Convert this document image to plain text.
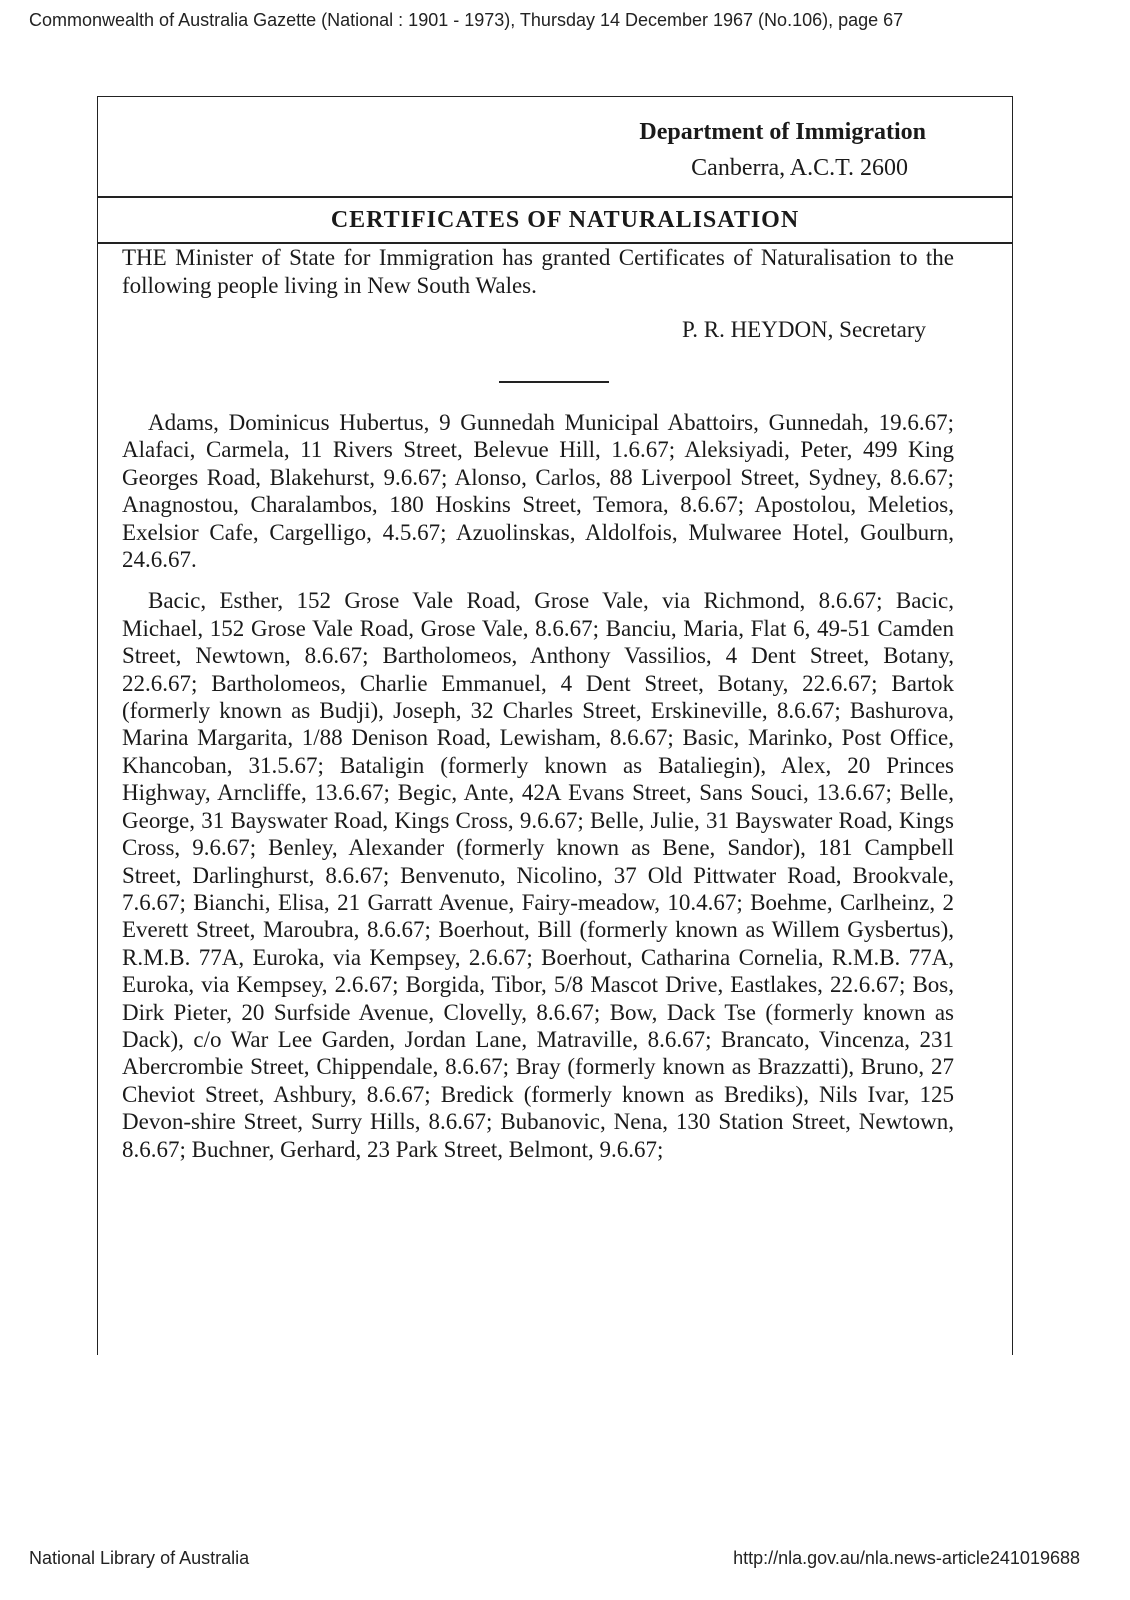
Commonwealth of Australia Gazette (National : 1901 - 1973), Thursday 14 December 1967 (No.106), page 67
Department of Immigration
Canberra, A.C.T. 2600
CERTIFICATES OF NATURALISATION

THE Minister of State for Immigration has granted Certificates of Naturalisation to the following people living in New South Wales.

P. R. HEYDON, Secretary

Adams, Dominicus Hubertus, 9 Gunnedah Municipal Abattoirs, Gunnedah, 19.6.67; Alafaci, Carmela, 11 Rivers Street, Belevue Hill, 1.6.67; Aleksiyadi, Peter, 499 King Georges Road, Blakehurst, 9.6.67; Alonso, Carlos, 88 Liverpool Street, Sydney, 8.6.67; Anagnostou, Charalambos, 180 Hoskins Street, Temora, 8.6.67; Apostolou, Meletios, Exelsior Cafe, Cargelligo, 4.5.67; Azuolinskas, Aldolfois, Mulwaree Hotel, Goulburn, 24.6.67.

Bacic, Esther, 152 Grose Vale Road, Grose Vale, via Richmond, 8.6.67; Bacic, Michael, 152 Grose Vale Road, Grose Vale, 8.6.67; Banciu, Maria, Flat 6, 49-51 Camden Street, Newtown, 8.6.67; Bartholomeos, Anthony Vassilios, 4 Dent Street, Botany, 22.6.67; Bartholomeos, Charlie Emmanuel, 4 Dent Street, Botany, 22.6.67; Bartok (formerly known as Budji), Joseph, 32 Charles Street, Erskineville, 8.6.67; Bashurova, Marina Margarita, 1/88 Denison Road, Lewisham, 8.6.67; Basic, Marinko, Post Office, Khancoban, 31.5.67; Bataligin (formerly known as Bataliegin), Alex, 20 Princes Highway, Arncliffe, 13.6.67; Begic, Ante, 42A Evans Street, Sans Souci, 13.6.67; Belle, George, 31 Bayswater Road, Kings Cross, 9.6.67; Belle, Julie, 31 Bayswater Road, Kings Cross, 9.6.67; Benley, Alexander (formerly known as Bene, Sandor), 181 Campbell Street, Darlinghurst, 8.6.67; Benvenuto, Nicolino, 37 Old Pittwater Road, Brookvale, 7.6.67; Bianchi, Elisa, 21 Garratt Avenue, Fairy-meadow, 10.4.67; Boehme, Carlheinz, 2 Everett Street, Maroubra, 8.6.67; Boerhout, Bill (formerly known as Willem Gysbertus), R.M.B. 77A, Euroka, via Kempsey, 2.6.67; Boerhout, Catharina Cornelia, R.M.B. 77A, Euroka, via Kempsey, 2.6.67; Borgida, Tibor, 5/8 Mascot Drive, Eastlakes, 22.6.67; Bos, Dirk Pieter, 20 Surfside Avenue, Clovelly, 8.6.67; Bow, Dack Tse (formerly known as Dack), c/o War Lee Garden, Jordan Lane, Matraville, 8.6.67; Brancato, Vincenza, 231 Abercrombie Street, Chippendale, 8.6.67; Bray (formerly known as Brazzatti), Bruno, 27 Cheviot Street, Ashbury, 8.6.67; Bredick (formerly known as Brediks), Nils Ivar, 125 Devon-shire Street, Surry Hills, 8.6.67; Bubanovic, Nena, 130 Station Street, Newtown, 8.6.67; Buchner, Gerhard, 23 Park Street, Belmont, 9.6.67;

National Library of Australia	http://nla.gov.au/nla.news-article241019688
